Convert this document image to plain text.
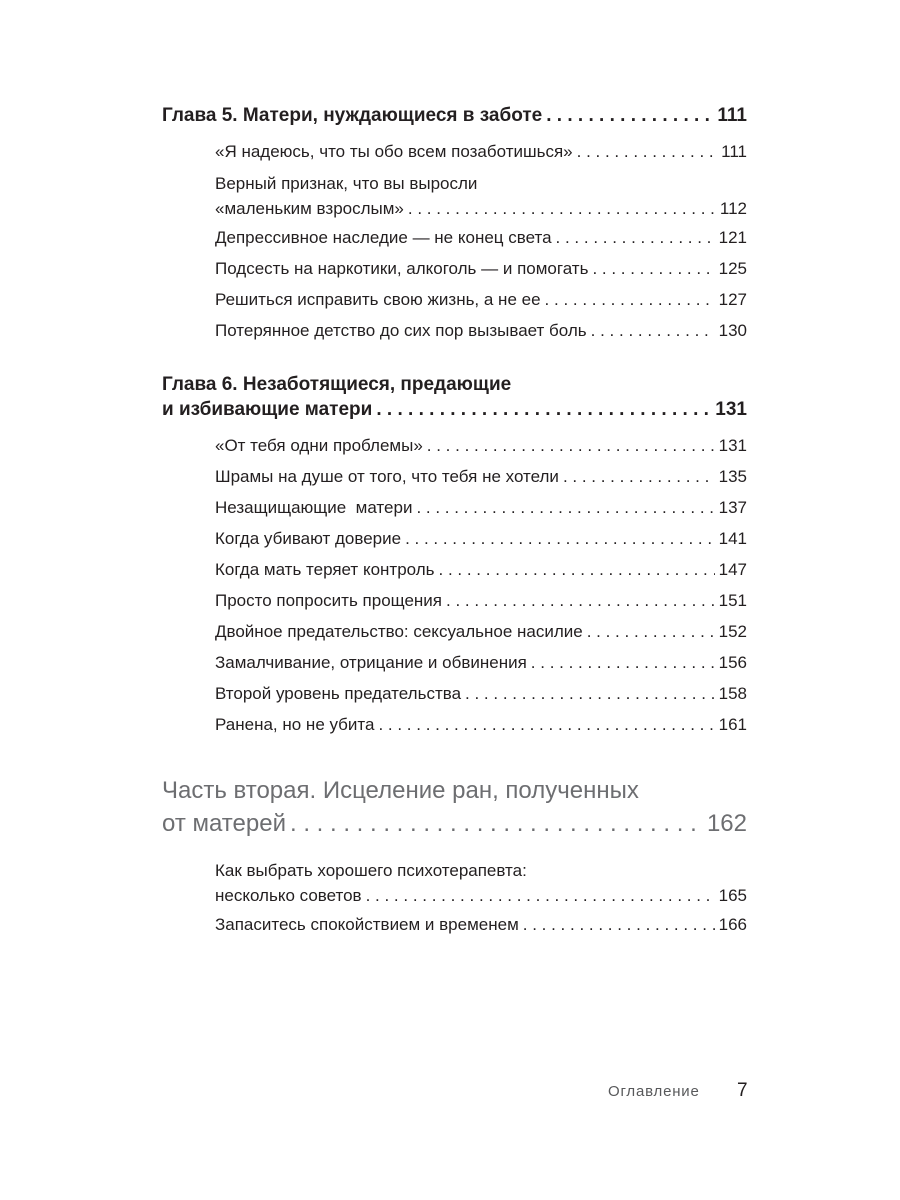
Глава 5. Матери, нуждающиеся в заботе . . .	111
«Я надеюсь, что ты обо всем позаботишься» . . .	111
Верный признак, что вы выросли
«маленьким взрослым» . . .	112
Депрессивное наследие — не конец света . . .	121
Подсесть на наркотики, алкоголь — и помогать . . .	125
Решиться исправить свою жизнь, а не ее . . .	127
Потерянное детство до сих пор вызывает боль . . .	130
Глава 6. Незаботящиеся, предающие
и избивающие матери . . .	131
«От тебя одни проблемы» . . .	131
Шрамы на душе от того, что тебя не хотели . . .	135
Незащищающие  матери . . .	137
Когда убивают доверие . . .	141
Когда мать теряет контроль . . .	147
Просто попросить прощения . . .	151
Двойное предательство: сексуальное насилие . . .	152
Замалчивание, отрицание и обвинения . . .	156
Второй уровень предательства . . .	158
Ранена, но не убита . . .	161
Часть вторая. Исцеление ран, полученных
от матерей . . .	162
Как выбрать хорошего психотерапевта:
несколько советов . . .	165
Запаситесь спокойствием и временем . . .	166
Оглавление 7
